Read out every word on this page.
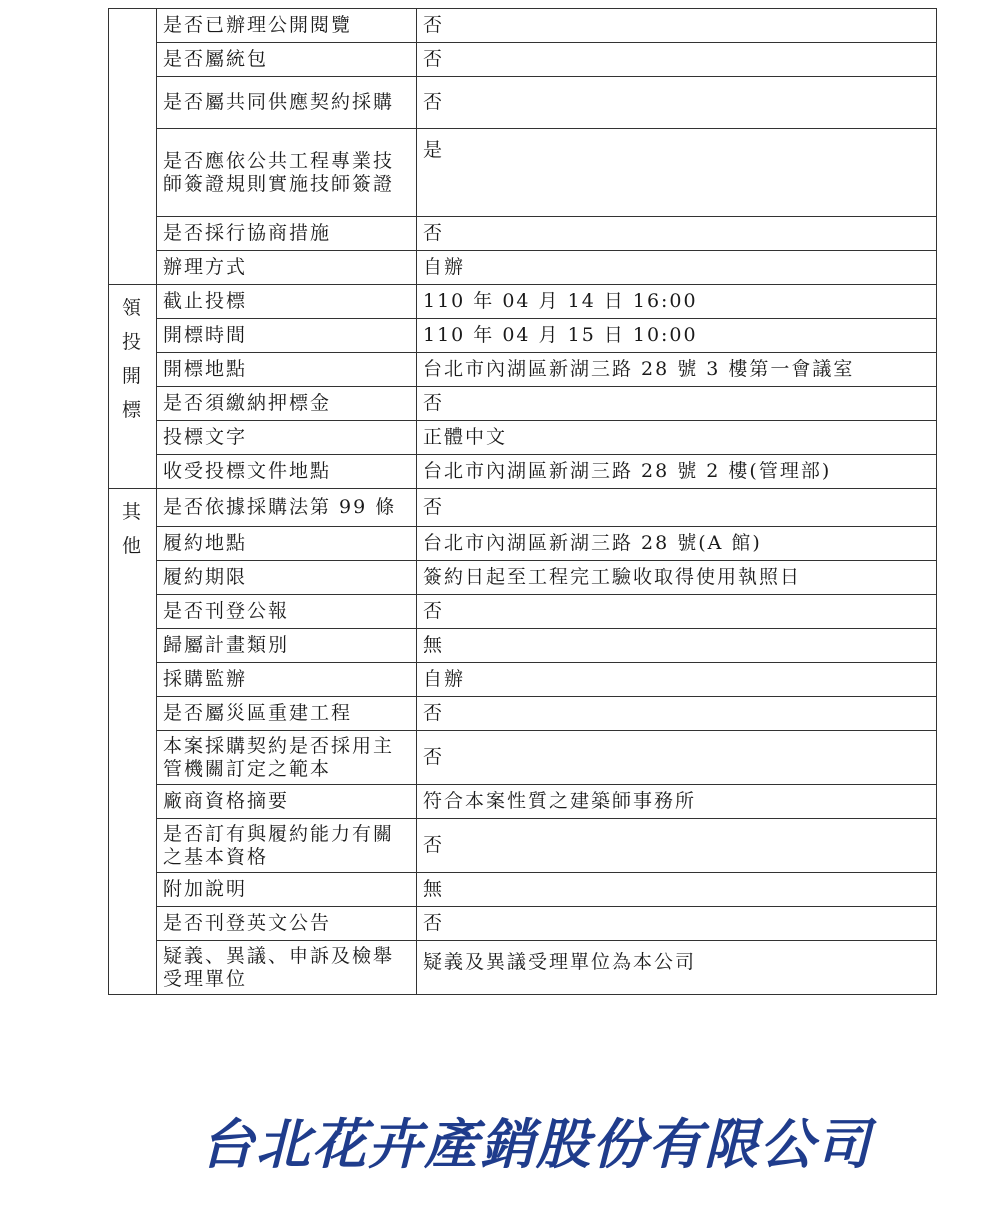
	是否已辦理公開閱覽	否
	是否屬統包	否
	是否屬共同供應契約採購	否
	是否應依公共工程專業技師簽證規則實施技師簽證	是
	是否採行協商措施	否
	辦理方式	自辦

領
投
開
標	截止投標	110 年 04 月 14 日 16:00
	開標時間	110 年 04 月 15 日 10:00
	開標地點	台北市內湖區新湖三路 28 號 3 樓第一會議室
	是否須繳納押標金	否
	投標文字	正體中文
	收受投標文件地點	台北市內湖區新湖三路 28 號 2 樓(管理部)

其
他	是否依據採購法第 99 條	否
	履約地點	台北市內湖區新湖三路 28 號(A 館)
	履約期限	簽約日起至工程完工驗收取得使用執照日
	是否刊登公報	否
	歸屬計畫類別	無
	採購監辦	自辦
	是否屬災區重建工程	否
	本案採購契約是否採用主管機關訂定之範本	否
	廠商資格摘要	符合本案性質之建築師事務所
	是否訂有與履約能力有關之基本資格	否
	附加說明	無
	是否刊登英文公告	否
	疑義、異議、申訴及檢舉受理單位	疑義及異議受理單位為本公司
台北花卉產銷股份有限公司
